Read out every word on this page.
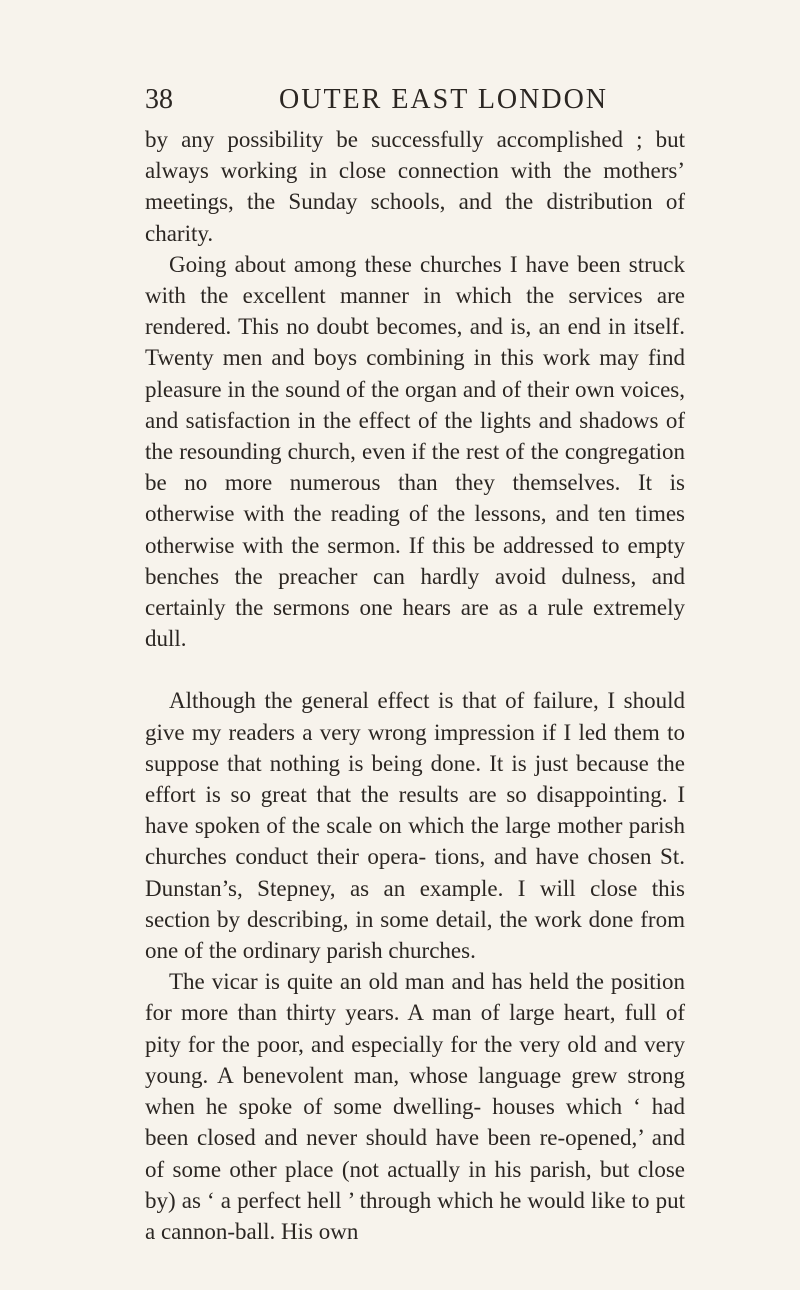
38	OUTER EAST LONDON

by any possibility be successfully accomplished ; but always working in close connection with the mothers’ meetings, the Sunday schools, and the distribution of charity.

Going about among these churches I have been struck with the excellent manner in which the services are rendered. This no doubt becomes, and is, an end in itself. Twenty men and boys combining in this work may find pleasure in the sound of the organ and of their own voices, and satisfaction in the effect of the lights and shadows of the resounding church, even if the rest of the congregation be no more numerous than they themselves. It is otherwise with the reading of the lessons, and ten times otherwise with the sermon. If this be addressed to empty benches the preacher can hardly avoid dulness, and certainly the sermons one hears are as a rule extremely dull.

Although the general effect is that of failure, I should give my readers a very wrong impression if I led them to suppose that nothing is being done. It is just because the effort is so great that the results are so disappointing. I have spoken of the scale on which the large mother parish churches conduct their opera- tions, and have chosen St. Dunstan’s, Stepney, as an example. I will close this section by describing, in some detail, the work done from one of the ordinary parish churches.

The vicar is quite an old man and has held the position for more than thirty years. A man of large heart, full of pity for the poor, and especially for the very old and very young. A benevolent man, whose language grew strong when he spoke of some dwelling- houses which ‘ had been closed and never should have been re-opened,’ and of some other place (not actually in his parish, but close by) as ‘ a perfect hell ’ through which he would like to put a cannon-ball. His own
